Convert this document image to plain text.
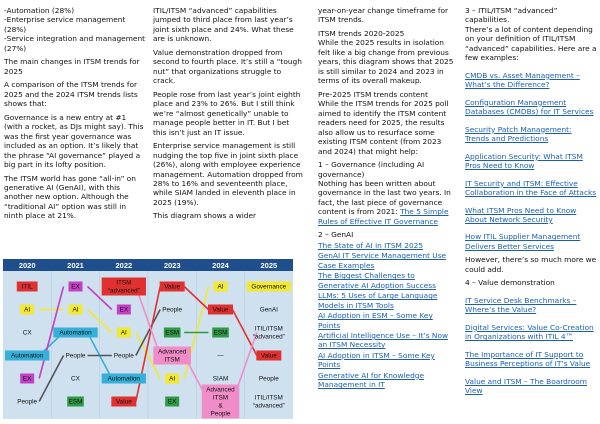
-Automation (28%)
-Enterprise service management (28%)
-Service integration and management (27%)

The main changes in ITSM trends for 2025

A comparison of the ITSM trends for 2025 and the 2024 ITSM trends lists shows that:

Governance is a new entry at #1 (with a rocket, as DJs might say). This was the first year governance was included as an option. It’s likely that the phrase “AI governance” played a big part in its lofty position.

The ITSM world has gone “all-in” on generative AI (GenAI), with this another new option. Although the “traditional AI” option was still in ninth place at 21%.

ITIL/ITSM “advanced” capabilities jumped to third place from last year’s joint sixth place and 24%. What these are is unknown.

Value demonstration dropped from second to fourth place. It’s still a “tough nut” that organizations struggle to crack.

People rose from last year’s joint eighth place and 23% to 26%. But I still think we’re “almost genetically” unable to manage people better in IT. But I bet this isn’t just an IT issue.

Enterprise service management is still nudging the top five in joint sixth place (26%), along with employee experience management. Automation dropped from 28% to 16% and seventeenth place, while SIAM landed in eleventh place in 2025 (19%).

This diagram shows a wider

year-on-year change timeframe for ITSM trends.

ITSM trends 2020-2025
While the 2025 results in isolation felt like a big change from previous years, this diagram shows that 2025 is still similar to 2024 and 2023 in terms of its overall makeup.

Pre-2025 ITSM trends content
While the ITSM trends for 2025 poll aimed to identify the ITSM content readers need for 2025, the results also allow us to resurface some existing ITSM content (from 2023 and 2024) that might help:

1 – Governance (including AI governance)
Nothing has been written about governance in the last two years. In fact, the last piece of governance content is from 2021: The 5 Simple Rules of Effective IT Governance

2 – GenAI

The State of AI in ITSM 2025
GenAI IT Service Management Use Case Examples
The Biggest Challenges to Generative AI Adoption Success
LLMs: 5 Uses of Large Language Models in ITSM Tools
AI Adoption in ESM – Some Key Points
Artificial Intelligence Use – It’s Now an ITSM Necessity
AI Adoption in ITSM – Some Key Points
Generative AI for Knowledge Management in IT

3 – ITIL/ITSM “advanced” capabilities.
There’s a lot of content depending on your definition of ITIL/ITSM “advanced” capabilities. Here are a few examples:

CMDB vs. Asset Management – What’s the Difference?
Configuration Management Databases (CMDBs) for IT Services
Security Patch Management: Trends and Predictions
Application Security: What ITSM Pros Need to Know
IT Security and ITSM: Effective Collaboration in the Face of Attacks
What ITSM Pros Need to Know About Network Security
How ITIL Supplier Management Delivers Better Services

However, there’s so much more we could add.

4 – Value demonstration

IT Service Desk Benchmarks – Where’s the Value?
Digital Services: Value Co-Creation in Organizations with ITIL 4™
The Importance of IT Support to Business Perceptions of IT’s Value
Value and ITSM – The Boardroom View
2020	2021	2022	2023	2024	2025
ITIL
AI
CX
Automation
EX
People
EX
AI
Automation
People
CX
ESM
ITSM
“advanced”
EX
AI
People
Automation
Value
Value
People
ESM
Advanced
ITSM
AI
EX
AI
Value
ESM
—
SIAM
Advanced
ITSM
&
People
Governance
GenAI
ITIL/ITSM
“advanced”
Value
People
ITIL/ITSM
“advanced”
